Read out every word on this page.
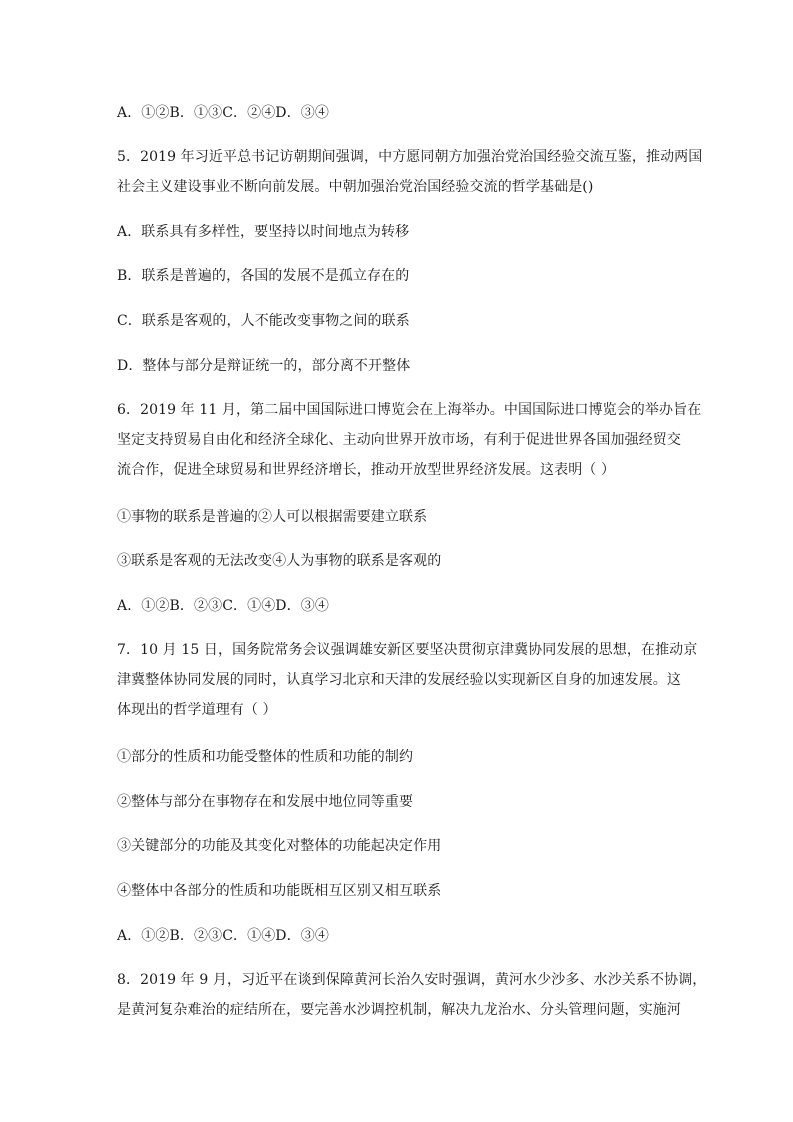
A．①②B．①③C．②④D．③④
5．2019 年习近平总书记访朝期间强调，中方愿同朝方加强治党治国经验交流互鉴，推动两国
社会主义建设事业不断向前发展。中朝加强治党治国经验交流的哲学基础是()
A．联系具有多样性，要坚持以时间地点为转移
B．联系是普遍的，各国的发展不是孤立存在的
C．联系是客观的，人不能改变事物之间的联系
D．整体与部分是辩证统一的，部分离不开整体
6．2019 年 11 月，第二届中国国际进口博览会在上海举办。中国国际进口博览会的举办旨在
坚定支持贸易自由化和经济全球化、主动向世界开放市场，有利于促进世界各国加强经贸交
流合作，促进全球贸易和世界经济增长，推动开放型世界经济发展。这表明（ ）
①事物的联系是普遍的②人可以根据需要建立联系
③联系是客观的无法改变④人为事物的联系是客观的
A．①②B．②③C．①④D．③④
7．10 月 15 日，国务院常务会议强调雄安新区要坚决贯彻京津冀协同发展的思想，在推动京
津冀整体协同发展的同时，认真学习北京和天津的发展经验以实现新区自身的加速发展。这
体现出的哲学道理有（ ）
①部分的性质和功能受整体的性质和功能的制约
②整体与部分在事物存在和发展中地位同等重要
③关键部分的功能及其变化对整体的功能起决定作用
④整体中各部分的性质和功能既相互区别又相互联系
A．①②B．②③C．①④D．③④
8．2019 年 9 月，习近平在谈到保障黄河长治久安时强调，黄河水少沙多、水沙关系不协调，
是黄河复杂难治的症结所在，要完善水沙调控机制，解决九龙治水、分头管理问题，实施河
